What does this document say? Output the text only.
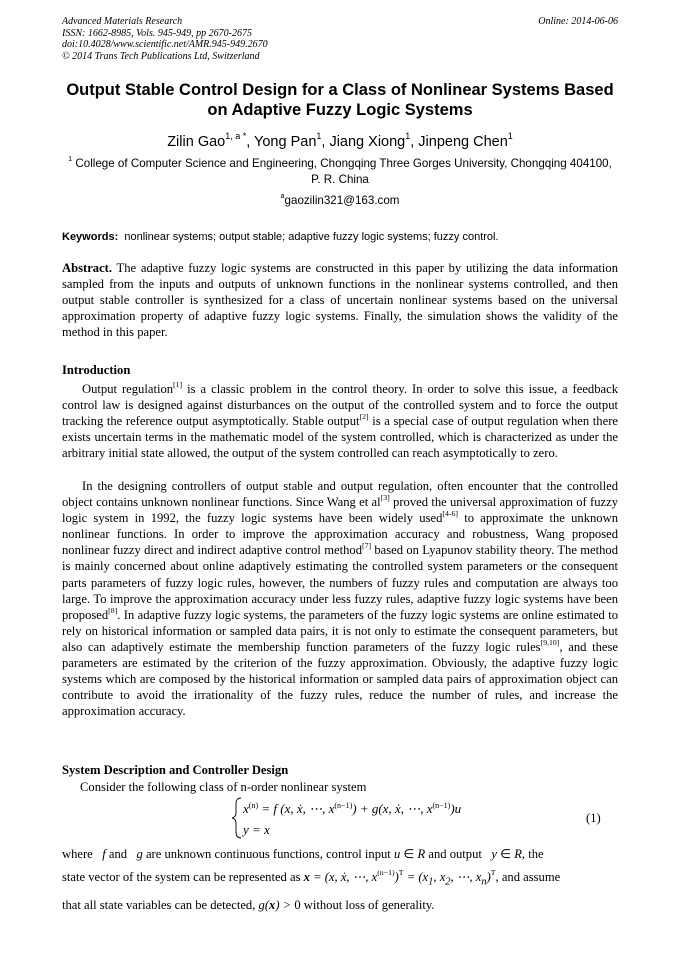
Advanced Materials Research
ISSN: 1662-8985, Vols. 945-949, pp 2670-2675
doi:10.4028/www.scientific.net/AMR.945-949.2670
© 2014 Trans Tech Publications Ltd, Switzerland
Online: 2014-06-06
Output Stable Control Design for a Class of Nonlinear Systems Based on Adaptive Fuzzy Logic Systems
Zilin Gao$^{1, a *}$, Yong Pan$^1$, Jiang Xiong$^1$, Jinpeng Chen$^1$
$^1$ College of Computer Science and Engineering, Chongqing Three Gorges University, Chongqing 404100, P. R. China
$^a$gaozilin321@163.com
Keywords: nonlinear systems; output stable; adaptive fuzzy logic systems; fuzzy control.
Abstract. The adaptive fuzzy logic systems are constructed in this paper by utilizing the data information sampled from the inputs and outputs of unknown functions in the nonlinear systems controlled, and then output stable controller is synthesized for a class of uncertain nonlinear systems based on the universal approximation property of adaptive fuzzy logic systems. Finally, the simulation shows the validity of the method in this paper.
Introduction
Output regulation[1] is a classic problem in the control theory. In order to solve this issue, a feedback control law is designed against disturbances on the output of the controlled system and to force the output tracking the reference output asymptotically. Stable output[2] is a special case of output regulation when there exists uncertain terms in the mathematic model of the system controlled, which is characterized as under the arbitrary initial state allowed, the output of the system controlled can reach asymptotically to zero.
In the designing controllers of output stable and output regulation, often encounter that the controlled object contains unknown nonlinear functions. Since Wang et al[3] proved the universal approximation of fuzzy logic system in 1992, the fuzzy logic systems have been widely used[4-6] to approximate the unknown nonlinear functions. In order to improve the approximation accuracy and robustness, Wang proposed nonlinear fuzzy direct and indirect adaptive control method[7] based on Lyapunov stability theory. The method is mainly concerned about online adaptively estimating the controlled system parameters or the consequent parts parameters of fuzzy logic rules, however, the numbers of fuzzy rules and computation are always too large. To improve the approximation accuracy under less fuzzy rules, adaptive fuzzy logic systems have been proposed[8]. In adaptive fuzzy logic systems, the parameters of the fuzzy logic systems are online estimated to rely on historical information or sampled data pairs, it is not only to estimate the consequent parameters, but also can adaptively estimate the membership function parameters of the fuzzy logic rules[9,10], and these parameters are estimated by the criterion of the fuzzy approximation. Obviously, the adaptive fuzzy logic systems which are composed by the historical information or sampled data pairs of approximation object can contribute to avoid the irrationality of the fuzzy rules, reduce the number of rules, and increase the approximation accuracy.
System Description and Controller Design
Consider the following class of n-order nonlinear system
$x^{(n)} = f$ (x, ẋ, ⋯, $x^{(n-1)}) + g(x$, ẋ, ⋯, $x^{(n-1)})u$
y = x
(1)
where   f and   g are unknown continuous functions, control input u ∈ R and output   y ∈ R, the
state vector of the system can be represented as x = (x, ẋ, ⋯, $x^{(n-1)})^T = (x_1$, $x_2$, ⋯, $x_n)^T$, and assume
that all state variables can be detected, g(x) > 0 without loss of generality.
